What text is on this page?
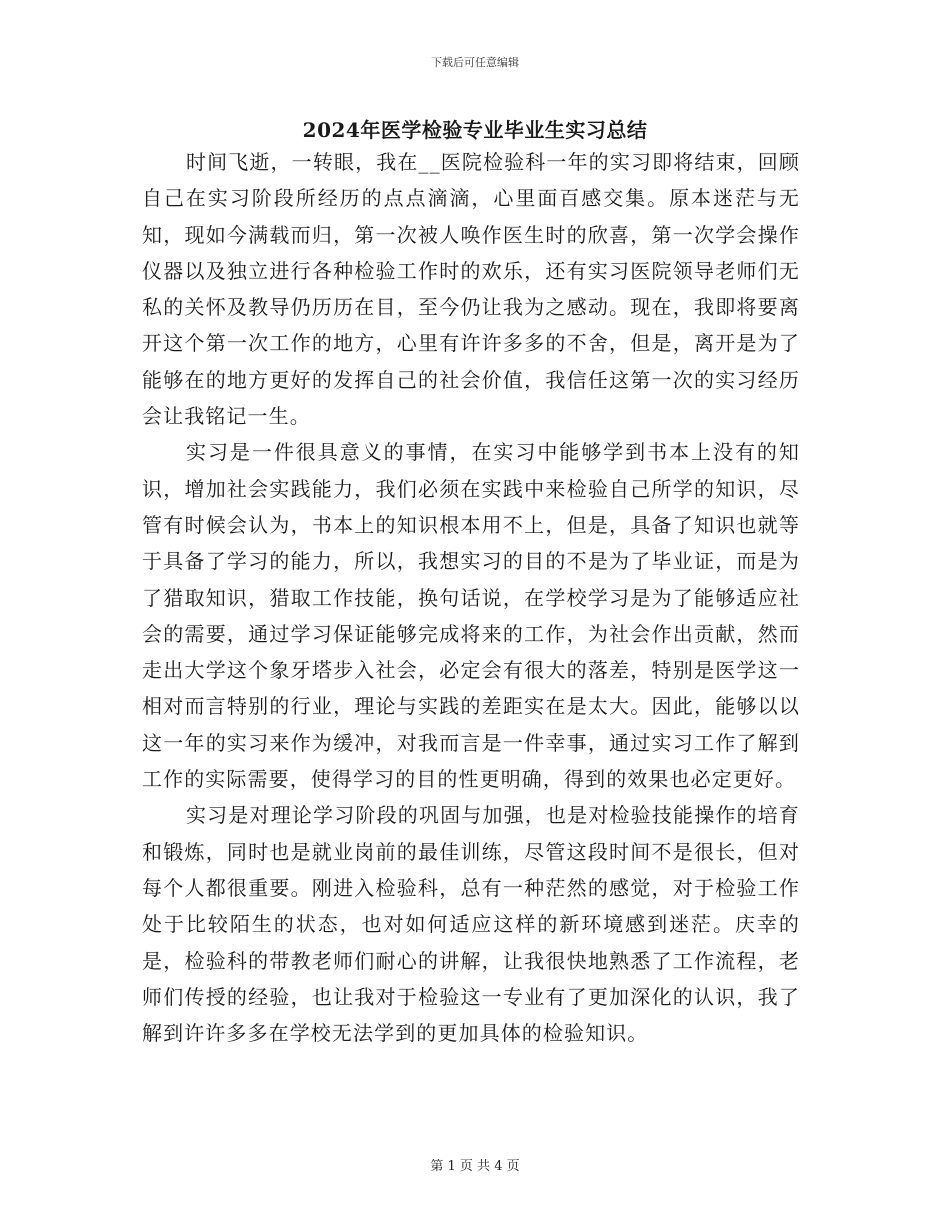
下载后可任意编辑
2024年医学检验专业毕业生实习总结

时间飞逝，一转眼，我在__医院检验科一年的实习即将结束，回顾自己在实习阶段所经历的点点滴滴，心里面百感交集。原本迷茫与无知，现如今满载而归，第一次被人唤作医生时的欣喜，第一次学会操作仪器以及独立进行各种检验工作时的欢乐，还有实习医院领导老师们无私的关怀及教导仍历历在目，至今仍让我为之感动。现在，我即将要离开这个第一次工作的地方，心里有许许多多的不舍，但是，离开是为了能够在的地方更好的发挥自己的社会价值，我信任这第一次的实习经历会让我铭记一生。

实习是一件很具意义的事情，在实习中能够学到书本上没有的知识，增加社会实践能力，我们必须在实践中来检验自己所学的知识，尽管有时候会认为，书本上的知识根本用不上，但是，具备了知识也就等于具备了学习的能力，所以，我想实习的目的不是为了毕业证，而是为了猎取知识，猎取工作技能，换句话说，在学校学习是为了能够适应社会的需要，通过学习保证能够完成将来的工作，为社会作出贡献，然而走出大学这个象牙塔步入社会，必定会有很大的落差，特别是医学这一相对而言特别的行业，理论与实践的差距实在是太大。因此，能够以以这一年的实习来作为缓冲，对我而言是一件幸事，通过实习工作了解到工作的实际需要，使得学习的目的性更明确，得到的效果也必定更好。

实习是对理论学习阶段的巩固与加强，也是对检验技能操作的培育和锻炼，同时也是就业岗前的最佳训练，尽管这段时间不是很长，但对每个人都很重要。刚进入检验科，总有一种茫然的感觉，对于检验工作处于比较陌生的状态，也对如何适应这样的新环境感到迷茫。庆幸的是，检验科的带教老师们耐心的讲解，让我很快地熟悉了工作流程，老师们传授的经验，也让我对于检验这一专业有了更加深化的认识，我了解到许许多多在学校无法学到的更加具体的检验知识。

第 1 页 共 4 页
